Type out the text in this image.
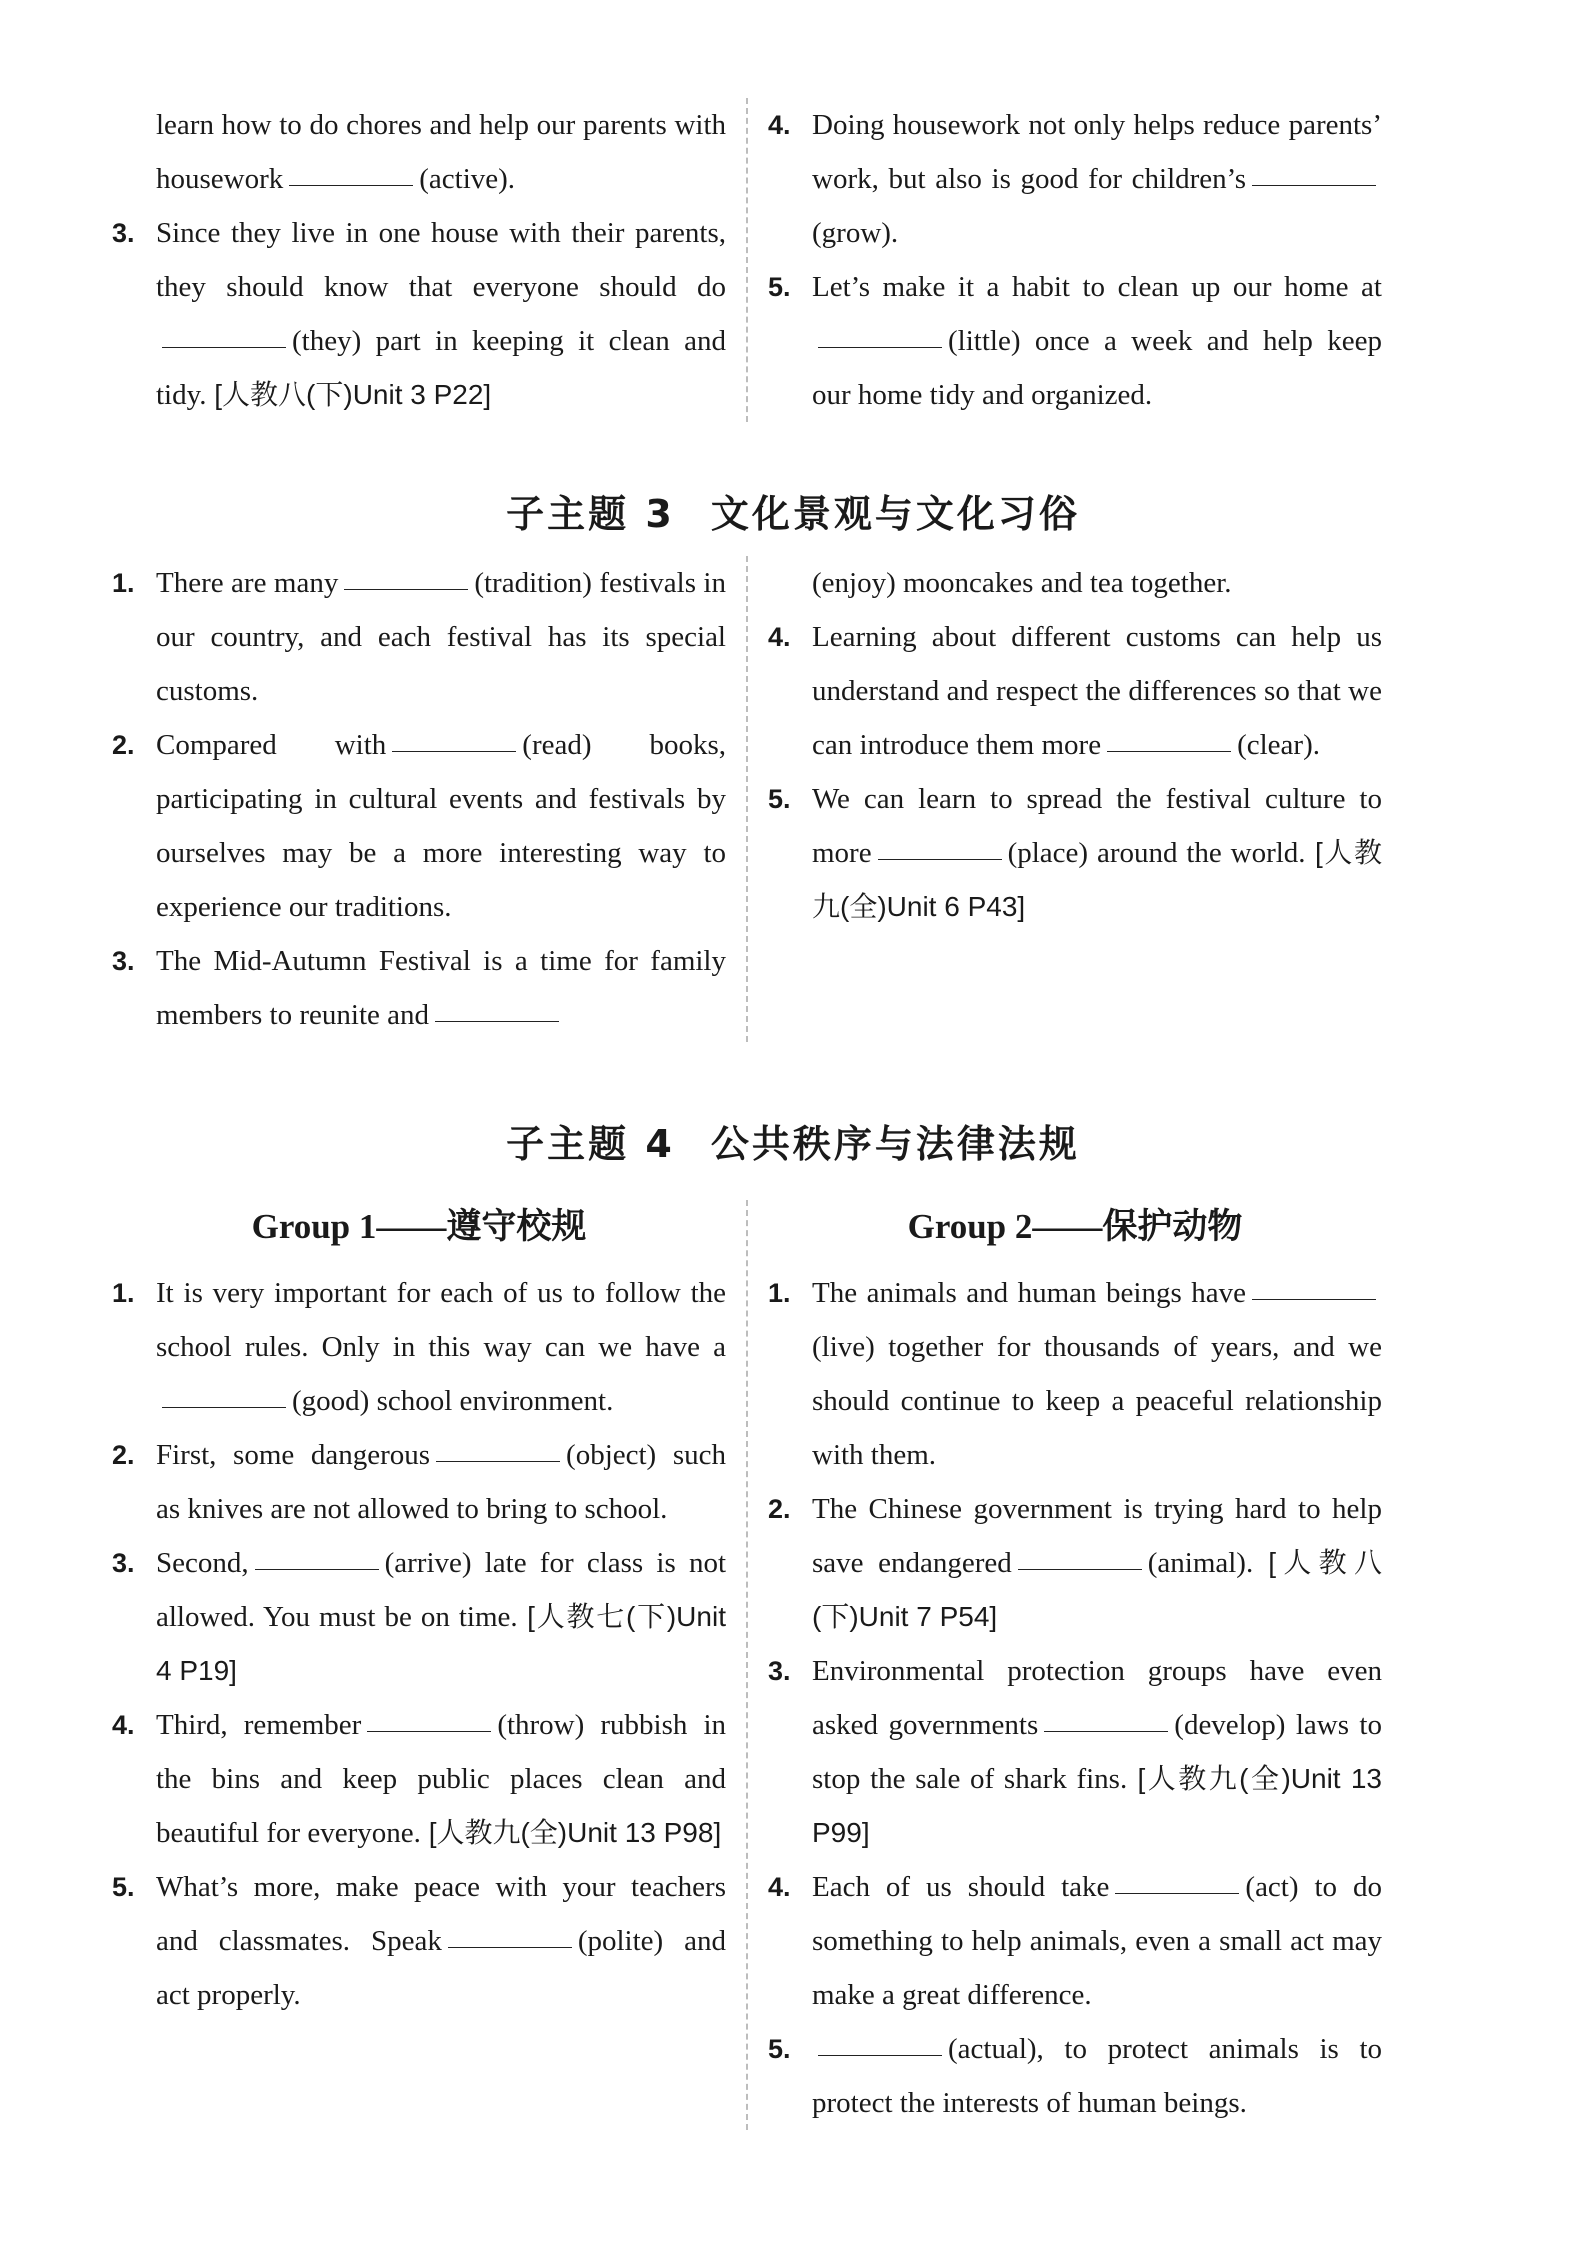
learn how to do chores and help our parents with housework	(active).
3. Since they live in one house with their parents, they should know that everyone should do(they) part in keeping it clean and tidy. [人教八(下)Unit 3 P22]
4. Doing housework not only helps reduce parents’ work, but also is good for children’s(grow).
5. Let’s make it a habit to clean up our home at(little) once a week and help keep our home tidy and organized.
子主题 3 文化景观与文化习俗
1. There are many	(tradition) festivals in our country, and each festival has its special customs.
2. Compared with	(read) books, participating in cultural events and festivals by ourselves may be a more interesting way to experience our traditions.
3. The Mid-Autumn Festival is a time for family members to reunite and
(enjoy) mooncakes and tea together.
4. Learning about different customs can help us understand and respect the differences so that we can introduce them more	(clear).
5. We can learn to spread the festival culture to more	(place) around the world. [人教九(全)Unit 6 P43]
子主题 4 公共秩序与法律法规
Group 1——遵守校规
1. It is very important for each of us to follow the school rules. Only in this way can we have a(good) school environment.
2. First, some dangerous	(object) such as knives are not allowed to bring to school.
3. Second,	(arrive) late for class is not allowed. You must be on time. [人教七(下)Unit 4 P19]
4. Third, remember	(throw) rubbish in the bins and keep public places clean and beautiful for everyone. [人教九(全)Unit 13 P98]
5. What’s more, make peace with your teachers and classmates. Speak	(polite) and act properly.
Group 2——保护动物
1. The animals and human beings have(live) together for thousands of years, and we should continue to keep a peaceful relationship with them.
2. The Chinese government is trying hard to help save endangered	(animal). [人教八(下)Unit 7 P54]
3. Environmental protection groups have even asked governments	(develop) laws to stop the sale of shark fins. [人教九(全)Unit 13 P99]
4. Each of us should take	(act) to do something to help animals, even a small act may make a great difference.
5.	(actual), to protect animals is to protect the interests of human beings.
